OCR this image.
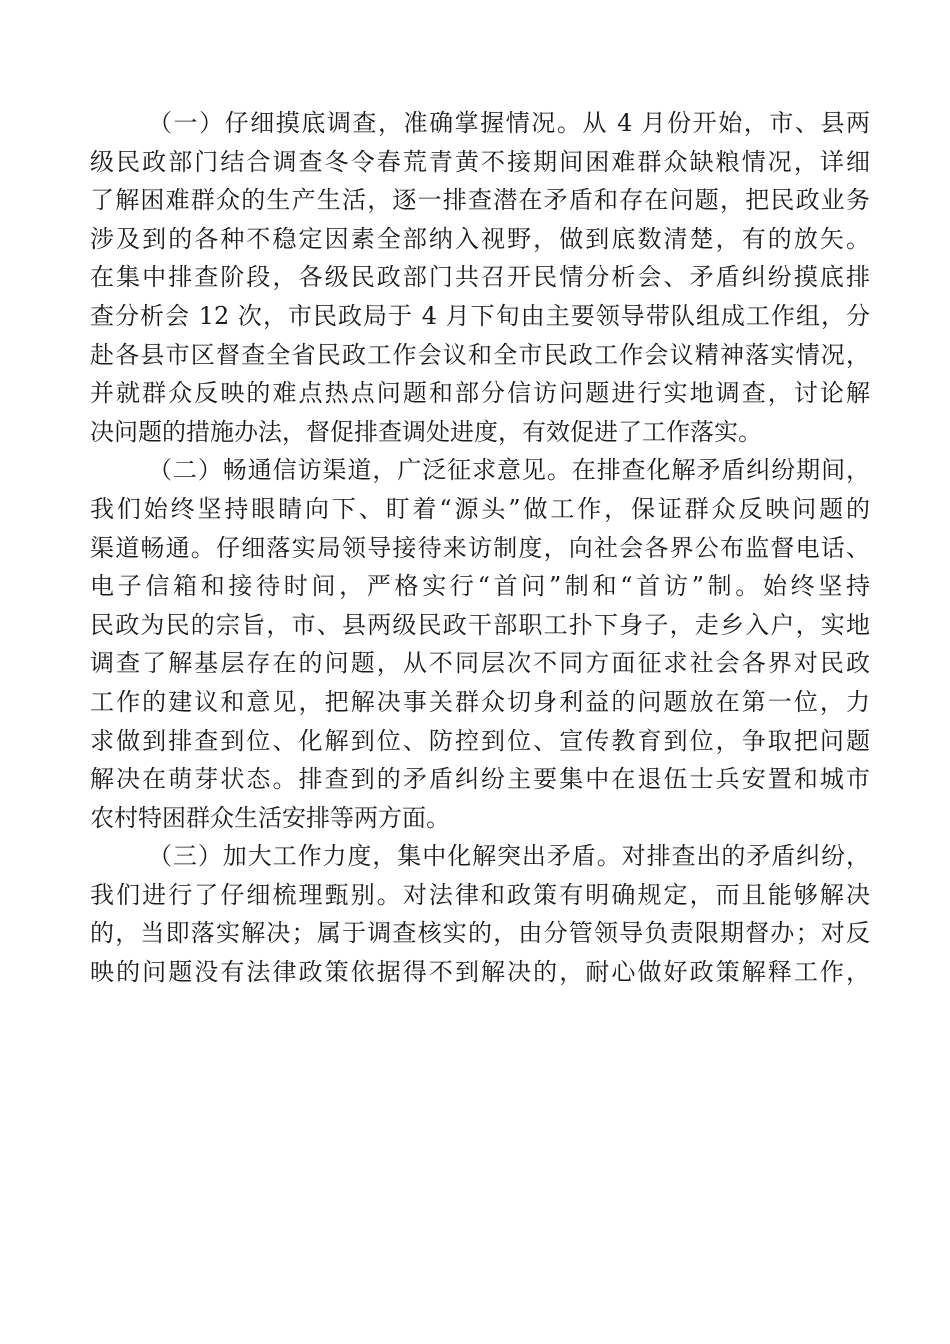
（一）仔细摸底调查，准确掌握情况。从 4 月份开始，市、县两
级民政部门结合调查冬令春荒青黄不接期间困难群众缺粮情况，详细
了解困难群众的生产生活，逐一排查潜在矛盾和存在问题，把民政业务
涉及到的各种不稳定因素全部纳入视野，做到底数清楚，有的放矢。
在集中排查阶段，各级民政部门共召开民情分析会、矛盾纠纷摸底排
查分析会 12 次，市民政局于 4 月下旬由主要领导带队组成工作组，分
赴各县市区督查全省民政工作会议和全市民政工作会议精神落实情况，
并就群众反映的难点热点问题和部分信访问题进行实地调查，讨论解
决问题的措施办法，督促排查调处进度，有效促进了工作落实。
（二）畅通信访渠道，广泛征求意见。在排查化解矛盾纠纷期间，
我们始终坚持眼睛向下、盯着“源头”做工作，保证群众反映问题的
渠道畅通。仔细落实局领导接待来访制度，向社会各界公布监督电话、
电子信箱和接待时间，严格实行“首问”制和“首访”制。始终坚持
民政为民的宗旨，市、县两级民政干部职工扑下身子，走乡入户，实地
调查了解基层存在的问题，从不同层次不同方面征求社会各界对民政
工作的建议和意见，把解决事关群众切身利益的问题放在第一位，力
求做到排查到位、化解到位、防控到位、宣传教育到位，争取把问题
解决在萌芽状态。排查到的矛盾纠纷主要集中在退伍士兵安置和城市
农村特困群众生活安排等两方面。
（三）加大工作力度，集中化解突出矛盾。对排查出的矛盾纠纷，
我们进行了仔细梳理甄别。对法律和政策有明确规定，而且能够解决
的，当即落实解决；属于调查核实的，由分管领导负责限期督办；对反
映的问题没有法律政策依据得不到解决的，耐心做好政策解释工作，
